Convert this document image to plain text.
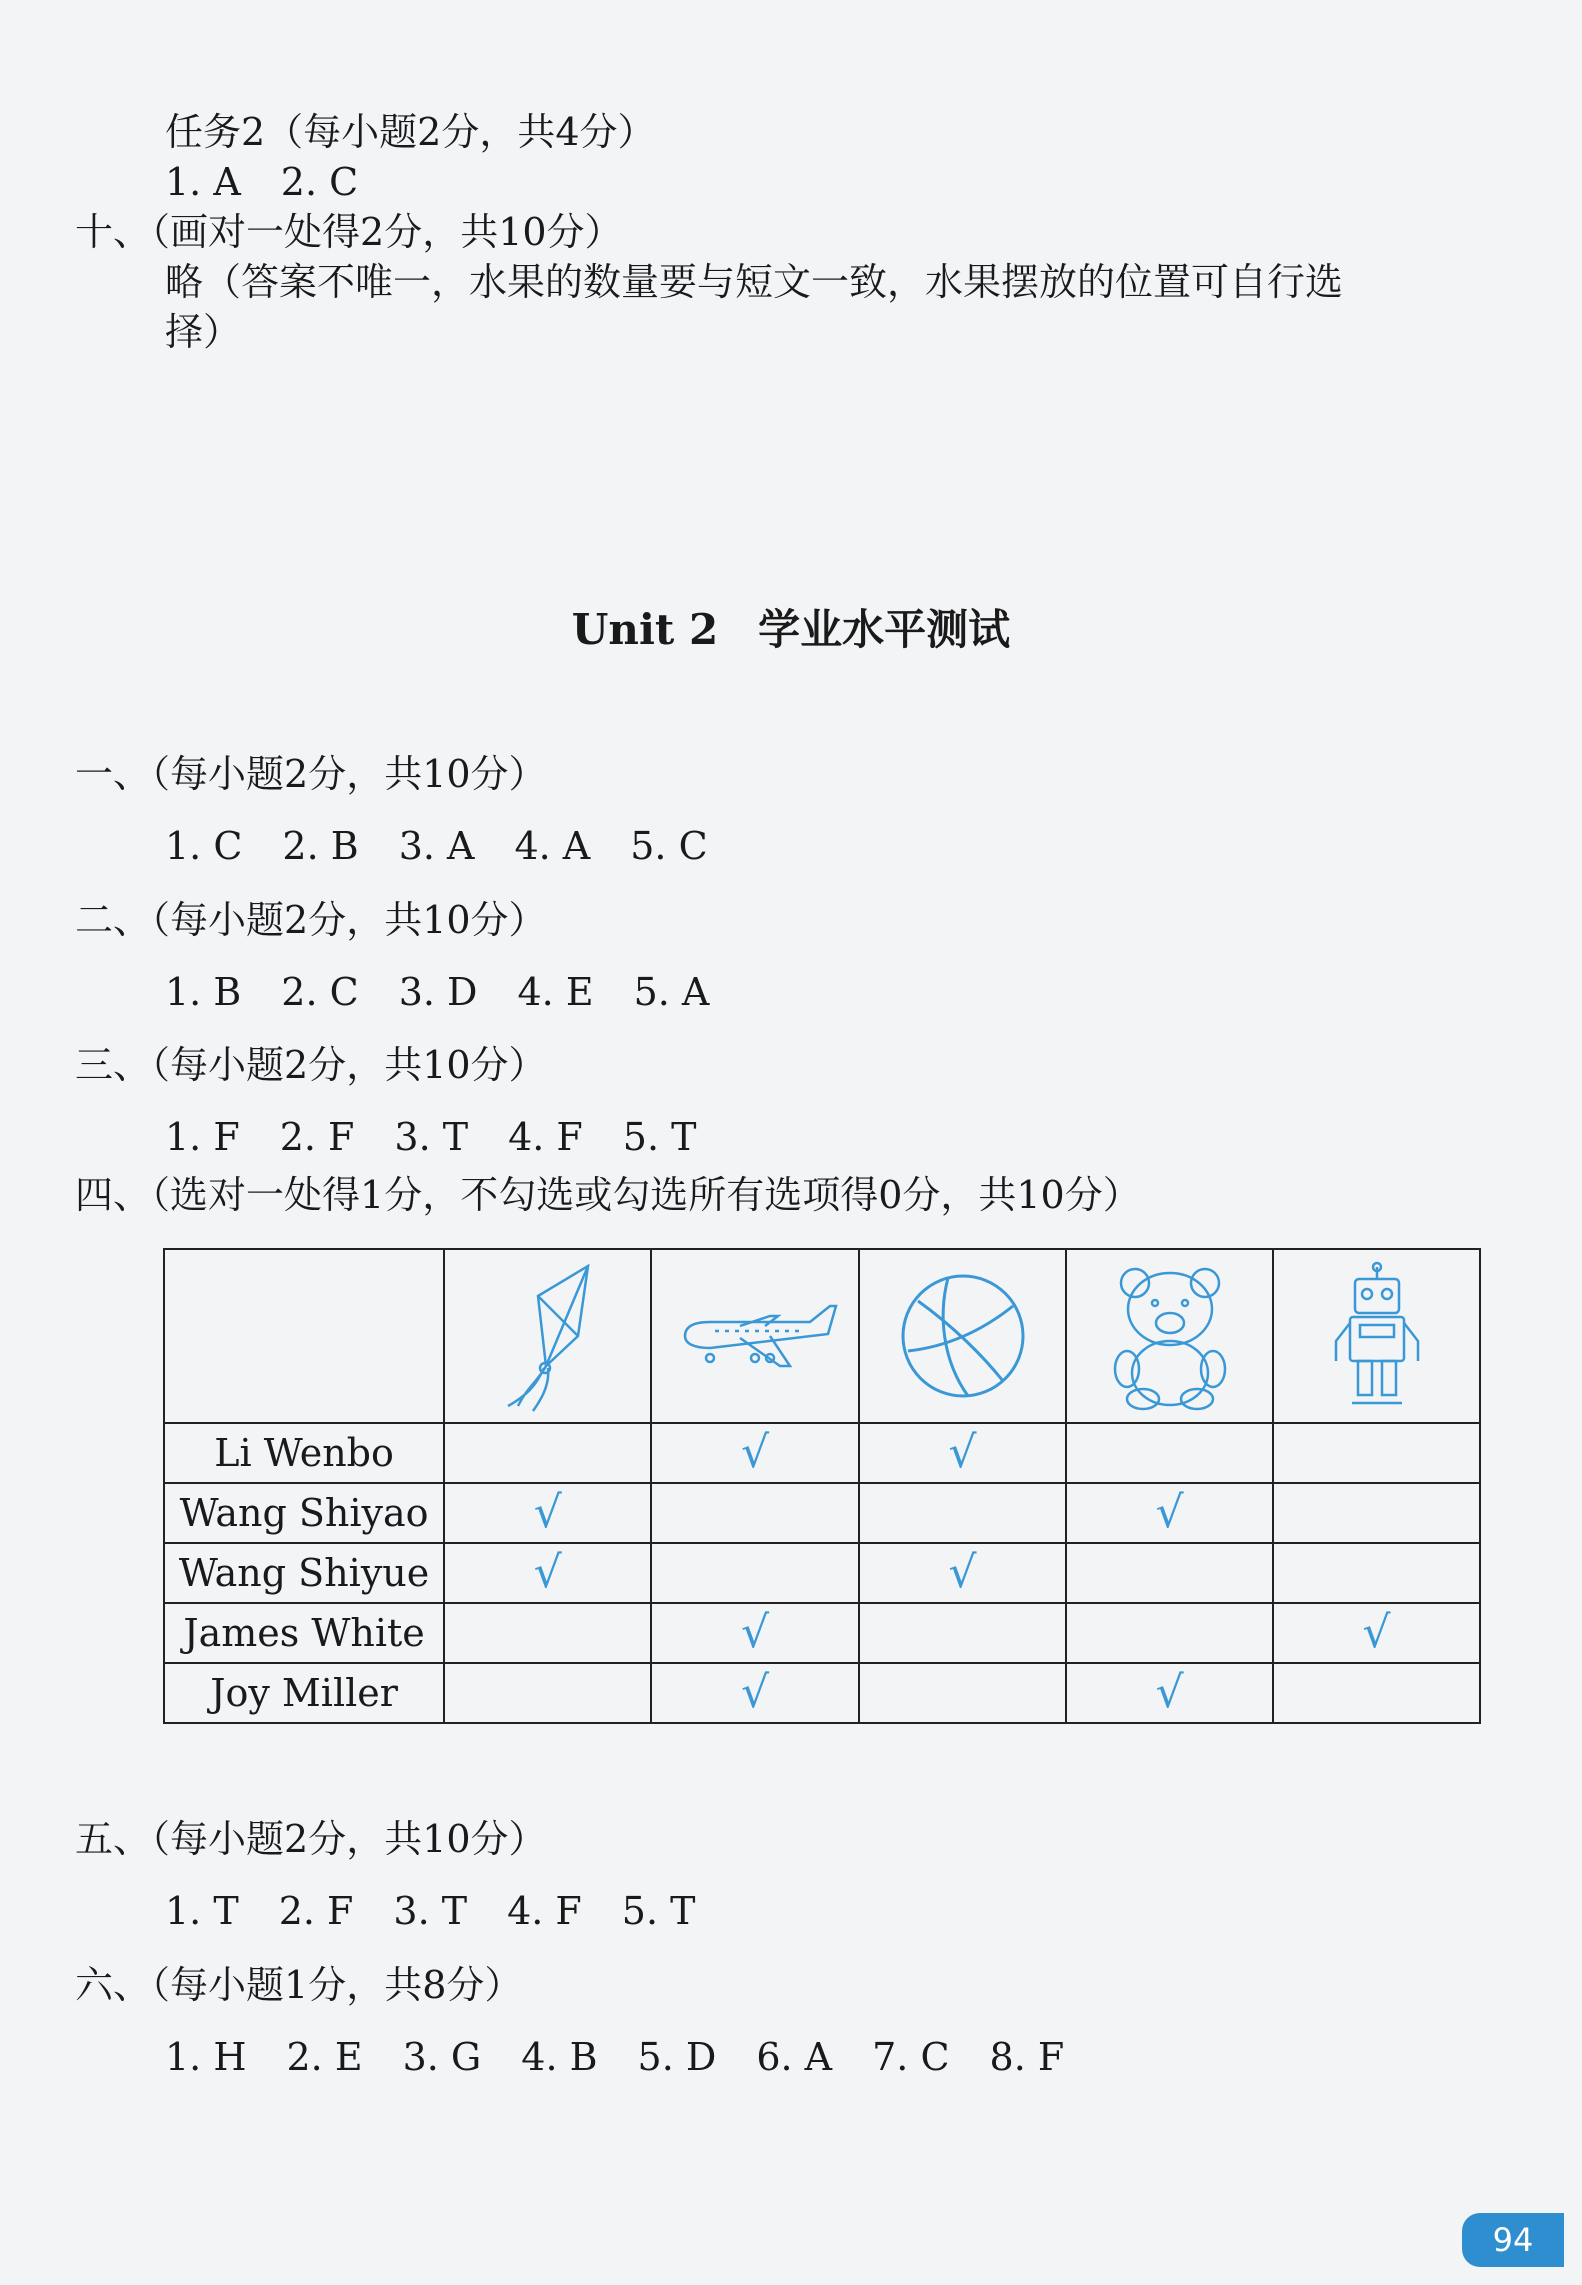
任务2（每小题2分，共4分）
1. A 2. C
十、（画对一处得2分，共10分）
略（答案不唯一，水果的数量要与短文一致，水果摆放的位置可自行选
择）
Unit 2 学业水平测试
一、（每小题2分，共10分）
1. C 2. B 3. A 4. A 5. C
二、（每小题2分，共10分）
1. B 2. C 3. D 4. E 5. A
三、（每小题2分，共10分）
1. F 2. F 3. T 4. F 5. T
四、（选对一处得1分，不勾选或勾选所有选项得0分，共10分）

Li Wenbo		√	√		
Wang Shiyao	√			√	
Wang Shiyue	√		√		
James White		√			√
Joy Miller		√		√	
五、（每小题2分，共10分）
1. T 2. F 3. T 4. F 5. T
六、（每小题1分，共8分）
1. H 2. E 3. G 4. B 5. D 6. A 7. C 8. F
94
